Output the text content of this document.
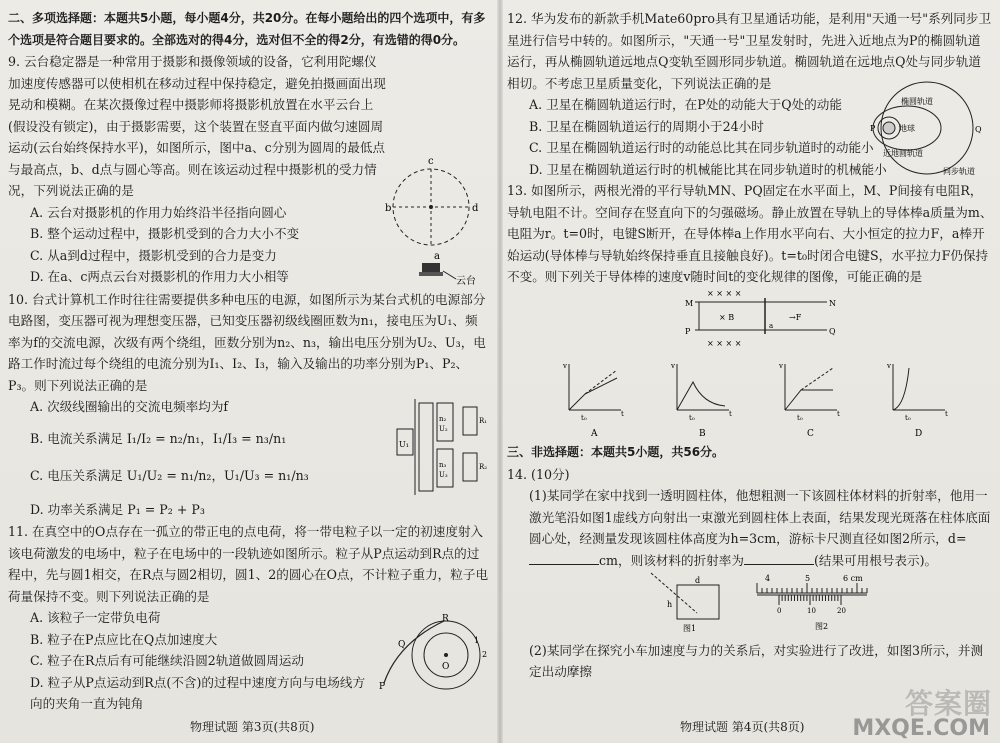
二、多项选择题：本题共5小题，每小题4分，共20分。在每小题给出的四个选项中，有多个选项是符合题目要求的。全部选对的得4分，选对但不全的得2分，有选错的得0分。

9. 云台稳定器是一种常用于摄影和摄像领域的设备，它利用陀螺仪加速度传感器可以使相机在移动过程中保持稳定，避免拍摄画面出现晃动和模糊。在某次摄像过程中摄影师将摄影机放置在水平云台上(假设没有锁定)，由于摄影需要，这个装置在竖直平面内做匀速圆周运动(云台始终保持水平)，如图所示，图中a、c分别为圆周的最低点与最高点，b、d点与圆心等高。则在该运动过程中摄影机的受力情况，下列说法正确的是

A. 云台对摄影机的作用力始终沿半径指向圆心

B. 整个运动过程中，摄影机受到的合力大小不变

C. 从a到d过程中，摄影机受到的合力是变力

D. 在a、c两点云台对摄影机的作用力大小相等

c
b	d
a
云台

10. 台式计算机工作时往往需要提供多种电压的电源，如图所示为某台式机的电源部分电路图，变压器可视为理想变压器，已知变压器初级线圈匝数为n₁，接电压为U₁、频率为f的交流电源，次级有两个绕组，匝数分别为n₂、n₃，输出电压分别为U₂、U₃，电路工作时流过每个绕组的电流分别为I₁、I₂、I₃，输入及输出的功率分别为P₁、P₂、P₃。则下列说法正确的是

A. 次级线圈输出的交流电频率均为f

B. 电流关系满足 I₁/I₂ = n₂/n₁，I₁/I₃ = n₃/n₁

C. 电压关系满足 U₁/U₂ = n₁/n₂，U₁/U₃ = n₁/n₃

D. 功率关系满足 P₁ = P₂ + P₃

U₁
n₂
U₂
n₃
U₃
R₁
R₂

11. 在真空中的O点存在一孤立的带正电的点电荷，将一带电粒子以一定的初速度射入该电荷激发的电场中，粒子在电场中的一段轨迹如图所示。粒子从P点运动到R点的过程中，先与圆1相交，在R点与圆2相切，圆1、2的圆心在O点，不计粒子重力，粒子电荷量保持不变。则下列说法正确的是

A. 该粒子一定带负电荷

B. 粒子在P点应比在Q点加速度大

C. 粒子在R点后有可能继续沿圆2轨道做圆周运动

D. 粒子从P点运动到R点(不含)的过程中速度方向与电场线方向的夹角一直为钝角

O
P
Q
R
1
2
物理试题 第3页(共8页)

12. 华为发布的新款手机Mate60pro具有卫星通话功能，是利用"天通一号"系列同步卫星进行信号中转的。如图所示，"天通一号"卫星发射时，先进入近地点为P的椭圆轨道运行，再从椭圆轨道远地点Q变轨至圆形同步轨道。椭圆轨道在远地点Q处与同步轨道相切。不考虑卫星质量变化，下列说法正确的是

A. 卫星在椭圆轨道运行时，在P处的动能大于Q处的动能

B. 卫星在椭圆轨道运行的周期小于24小时

C. 卫星在椭圆轨道运行时的动能总比其在同步轨道时的动能小

D. 卫星在椭圆轨道运行时的机械能比其在同步轨道时的机械能小

P	Q
椭圆轨道
地球
近地圆轨道
同步轨道

13. 如图所示，两根光滑的平行导轨MN、PQ固定在水平面上，M、P间接有电阻R，导轨电阻不计。空间存在竖直向下的匀强磁场。静止放置在导轨上的导体棒a质量为m、电阻为r。t=0时，电键S断开，在导体棒a上作用水平向右、大小恒定的拉力F，a棒开始运动(导体棒与导轨始终保持垂直且接触良好)。t=t₀时闭合电键S，水平拉力F仍保持不变。则下列关于导体棒的速度v随时间t的变化规律的图像，可能正确的是

M
P
N
Q
× B	→F
a
× × × ×
× × × ×
v
t
t₀
A
v
t
t₀
B
v
t
t₀
C
v
t
t₀
D

三、非选择题：本题共5小题，共56分。

14. (10分)

(1)某同学在家中找到一透明圆柱体，他想粗测一下该圆柱体材料的折射率，他用一激光笔沿如图1虚线方向射出一束激光到圆柱体上表面，结果发现光斑落在柱体底面圆心处，经测量发现该圆柱体高度为h=3cm，游标卡尺测直径如图2所示，d=cm，则该材料的折射率为	(结果可用根号表示)。

d
h
图1
4	5	6 cm
0	10	20
图2

(2)某同学在探究小车加速度与力的关系后，对实验进行了改进，如图3所示，并测定出动摩擦

物理试题 第4页(共8页)
答案圈
MXQE.COM
